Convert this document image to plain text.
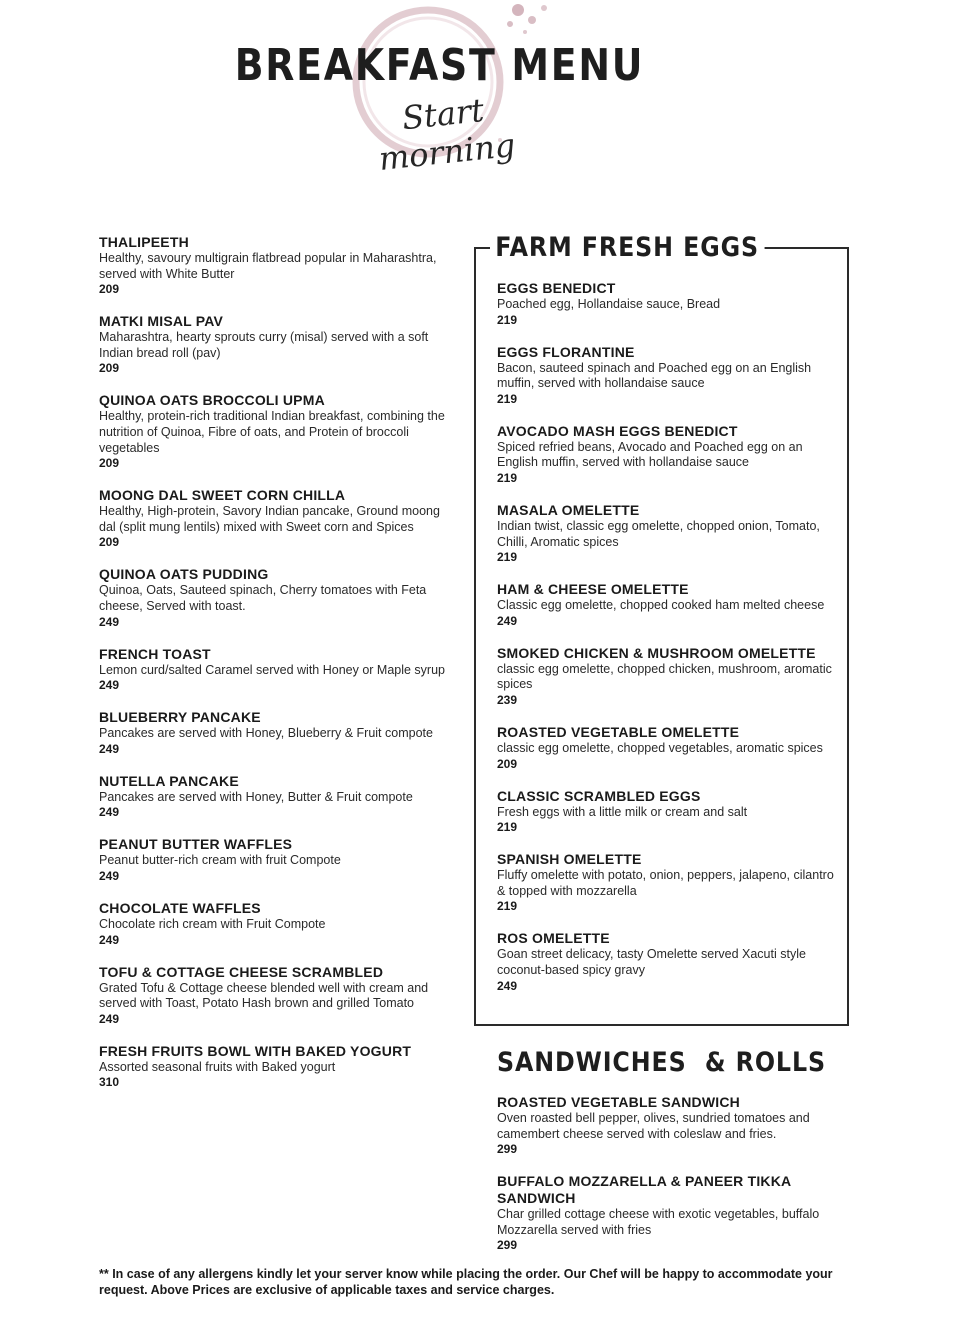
BREAKFAST MENU
Start morning
THALIPEETH
Healthy, savoury multigrain flatbread popular in Maharashtra, served with White Butter
209
MATKI MISAL PAV
Maharashtra, hearty sprouts curry (misal) served with a soft Indian bread roll (pav)
209
QUINOA OATS BROCCOLI UPMA
Healthy, protein-rich traditional Indian breakfast, combining the nutrition of Quinoa, Fibre of oats, and Protein of broccoli vegetables
209
MOONG DAL SWEET CORN CHILLA
Healthy, High-protein, Savory Indian pancake, Ground moong dal (split mung lentils) mixed with Sweet corn and Spices
209
QUINOA OATS PUDDING
Quinoa, Oats, Sauteed spinach, Cherry tomatoes with Feta cheese, Served with toast.
249
FRENCH TOAST
Lemon curd/salted Caramel served with Honey or Maple syrup
249
BLUEBERRY PANCAKE
Pancakes are served with Honey, Blueberry & Fruit compote
249
NUTELLA PANCAKE
Pancakes are served with Honey, Butter & Fruit compote
249
PEANUT BUTTER WAFFLES
Peanut butter-rich cream with fruit Compote
249
CHOCOLATE WAFFLES
Chocolate rich cream with Fruit Compote
249
TOFU & COTTAGE CHEESE SCRAMBLED
Grated Tofu & Cottage cheese blended well with cream and served with Toast, Potato Hash brown and grilled Tomato
249
FRESH FRUITS BOWL WITH BAKED YOGURT
Assorted seasonal fruits with Baked yogurt
310
FARM FRESH EGGS
EGGS BENEDICT
Poached egg, Hollandaise sauce, Bread
219
EGGS FLORANTINE
Bacon, sauteed spinach and Poached egg on an English muffin, served with hollandaise sauce
219
AVOCADO MASH EGGS BENEDICT
Spiced refried beans, Avocado and Poached egg on an English muffin, served with hollandaise sauce
219
MASALA OMELETTE
Indian twist, classic egg omelette, chopped onion, Tomato, Chilli, Aromatic spices
219
HAM & CHEESE OMELETTE
Classic egg omelette, chopped cooked ham melted cheese
249
SMOKED CHICKEN & MUSHROOM OMELETTE
classic egg omelette, chopped chicken, mushroom, aromatic spices
239
ROASTED VEGETABLE OMELETTE
classic egg omelette, chopped vegetables, aromatic spices
209
CLASSIC SCRAMBLED EGGS
Fresh eggs with a little milk or cream and salt
219
SPANISH OMELETTE
Fluffy omelette with potato, onion, peppers, jalapeno, cilantro & topped with mozzarella
219
ROS OMELETTE
Goan street delicacy, tasty Omelette served Xacuti style coconut-based spicy gravy
249
SANDWICHES  & ROLLS
ROASTED VEGETABLE SANDWICH
Oven roasted bell pepper, olives, sundried tomatoes and camembert cheese served with coleslaw and fries.
299
BUFFALO MOZZARELLA & PANEER TIKKA SANDWICH
Char grilled cottage cheese with exotic vegetables, buffalo Mozzarella served with fries
299
** In case of any allergens kindly let your server know while placing the order. Our Chef will be happy to accommodate your request. Above Prices are exclusive of applicable taxes and service charges.
